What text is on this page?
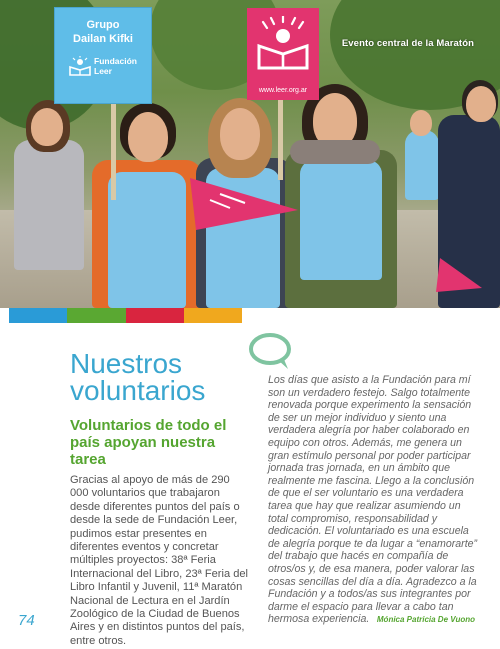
Grupo
Dailan Kifki
Fundación
Leer
www.leer.org.ar
Evento central de la Maratón
Nuestros
voluntarios
Voluntarios de todo el país apoyan nuestra tarea

Gracias al apoyo de más de 290 000 voluntarios que trabajaron desde diferentes puntos del país o desde la sede de Fundación Leer, pudimos estar presentes en diferentes eventos y concretar múltiples proyectos: 38ª Feria Internacional del Libro, 23ª Feria del Libro Infantil y Juvenil, 11ª Maratón Nacional de Lectura en el Jardín Zoológico de la Ciudad de Buenos Aires y en distintos puntos del país, entre otros.

74

Los días que asisto a la Fundación para mí son un verdadero festejo. Salgo totalmente renovada porque experimento la sensación de ser un mejor individuo y siento una verdadera alegría por haber colaborado en equipo con otros. Además, me genera un gran estímulo personal por poder participar jornada tras jornada, en un ámbito que realmente me fascina. Llego a la conclusión de que el ser voluntario es una verdadera tarea que hay que realizar asumiendo un total compromiso, responsabilidad y dedicación. El voluntariado es una escuela de alegría porque te da lugar a “enamorarte” del trabajo que hacés en compañía de otros/os y, de esa manera, poder valorar las cosas sencillas del día a día. Agradezco a la Fundación y a todos/as sus integrantes por darme el espacio para llevar a cabo tan hermosa experiencia. Mónica Patricia De Vuono
